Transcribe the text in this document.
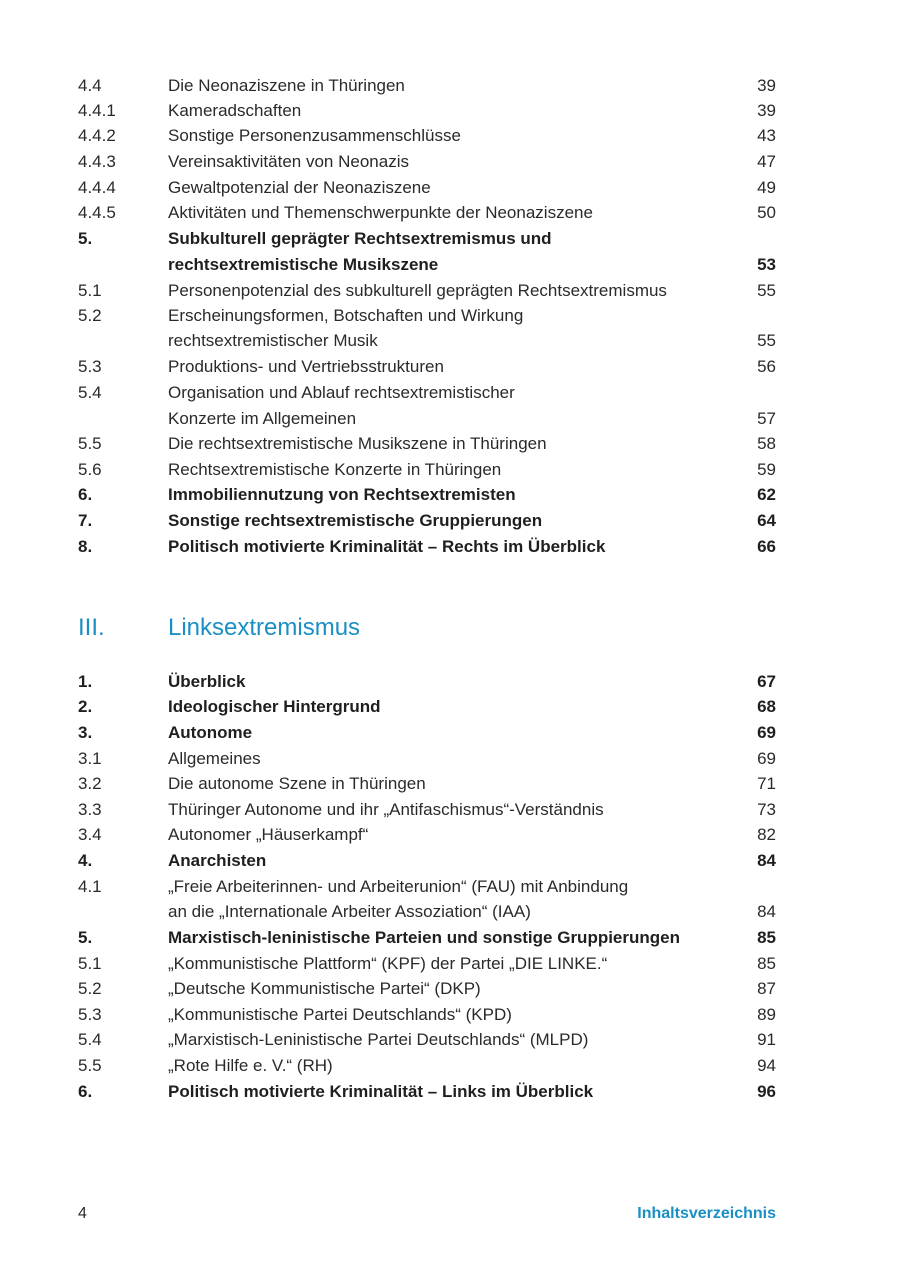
4.4	Die Neonaziszene in Thüringen	39
4.4.1	Kameradschaften	39
4.4.2	Sonstige Personenzusammenschlüsse	43
4.4.3	Vereinsaktivitäten von Neonazis	47
4.4.4	Gewaltpotenzial der Neonaziszene	49
4.4.5	Aktivitäten und Themenschwerpunkte der Neonaziszene	50
5.	Subkulturell geprägter Rechtsextremismus und
rechtsextremistische Musikszene	53
5.1	Personenpotenzial des subkulturell geprägten Rechtsextremismus	55
5.2	Erscheinungsformen, Botschaften und Wirkung
rechtsextremistischer Musik	55
5.3	Produktions- und Vertriebsstrukturen	56
5.4	Organisation und Ablauf rechtsextremistischer
Konzerte im Allgemeinen	57
5.5	Die rechtsextremistische Musikszene in Thüringen	58
5.6	Rechtsextremistische Konzerte in Thüringen	59
6.	Immobiliennutzung von Rechtsextremisten	62
7.	Sonstige rechtsextremistische Gruppierungen	64
8.	Politisch motivierte Kriminalität – Rechts im Überblick	66
III.	Linksextremismus
1.	Überblick	67
2.	Ideologischer Hintergrund	68
3.	Autonome	69
3.1	Allgemeines	69
3.2	Die autonome Szene in Thüringen	71
3.3	Thüringer Autonome und ihr „Antifaschismus“-Verständnis	73
3.4	Autonomer „Häuserkampf“	82
4.	Anarchisten	84
4.1	„Freie Arbeiterinnen- und Arbeiterunion“ (FAU) mit Anbindung
an die „Internationale Arbeiter Assoziation“ (IAA)	84
5.	Marxistisch-leninistische Parteien und sonstige Gruppierungen	85
5.1	„Kommunistische Plattform“ (KPF) der Partei „DIE LINKE.“	85
5.2	„Deutsche Kommunistische Partei“ (DKP)	87
5.3	„Kommunistische Partei Deutschlands“ (KPD)	89
5.4	„Marxistisch-Leninistische Partei Deutschlands“ (MLPD)	91
5.5	„Rote Hilfe e. V.“ (RH)	94
6.	Politisch motivierte Kriminalität – Links im Überblick	96
4	Inhaltsverzeichnis
